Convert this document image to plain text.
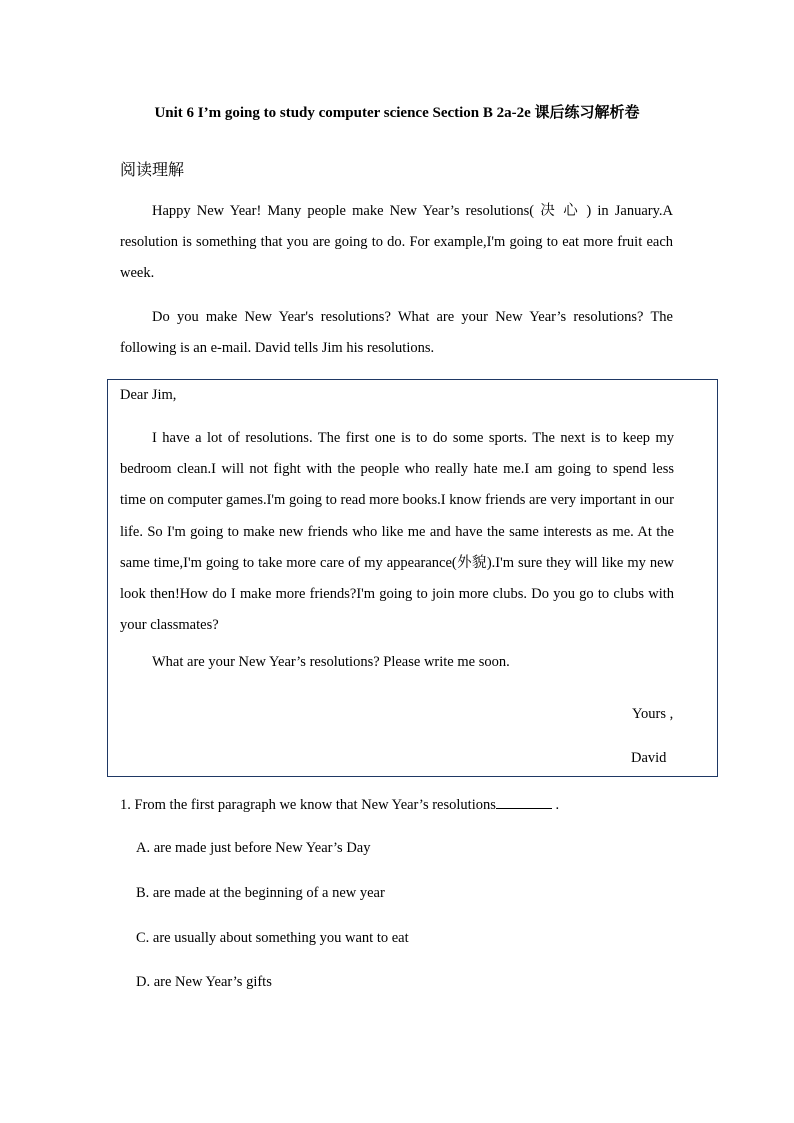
Unit 6 I’m going to study computer science Section B 2a-2e 课后练习解析卷
阅读理解

Happy New Year! Many people make New Year’s resolutions( 决 心 ) in January.A resolution is something that you are going to do. For example,I'm going to eat more fruit each week.

Do you make New Year's resolutions? What are your New Year’s resolutions? The following is an e-mail. David tells Jim his resolutions.

Dear Jim,

I have a lot of resolutions. The first one is to do some sports. The next is to keep my bedroom clean.I will not fight with the people who really hate me.I am going to spend less time on computer games.I'm going to read more books.I know friends are very important in our life. So I'm going to make new friends who like me and have the same interests as me. At the same time,I'm going to take more care of my appearance(外貌).I'm sure they will like my new look then!How do I make more friends?I'm going to join more clubs. Do you go to clubs with your classmates?

What are your New Year’s resolutions? Please write me soon.

Yours ,
David
1. From the first paragraph we know that New Year’s resolutions	.
A. are made just before New Year’s Day
B. are made at the beginning of a new year
C. are usually about something you want to eat
D. are New Year’s gifts
